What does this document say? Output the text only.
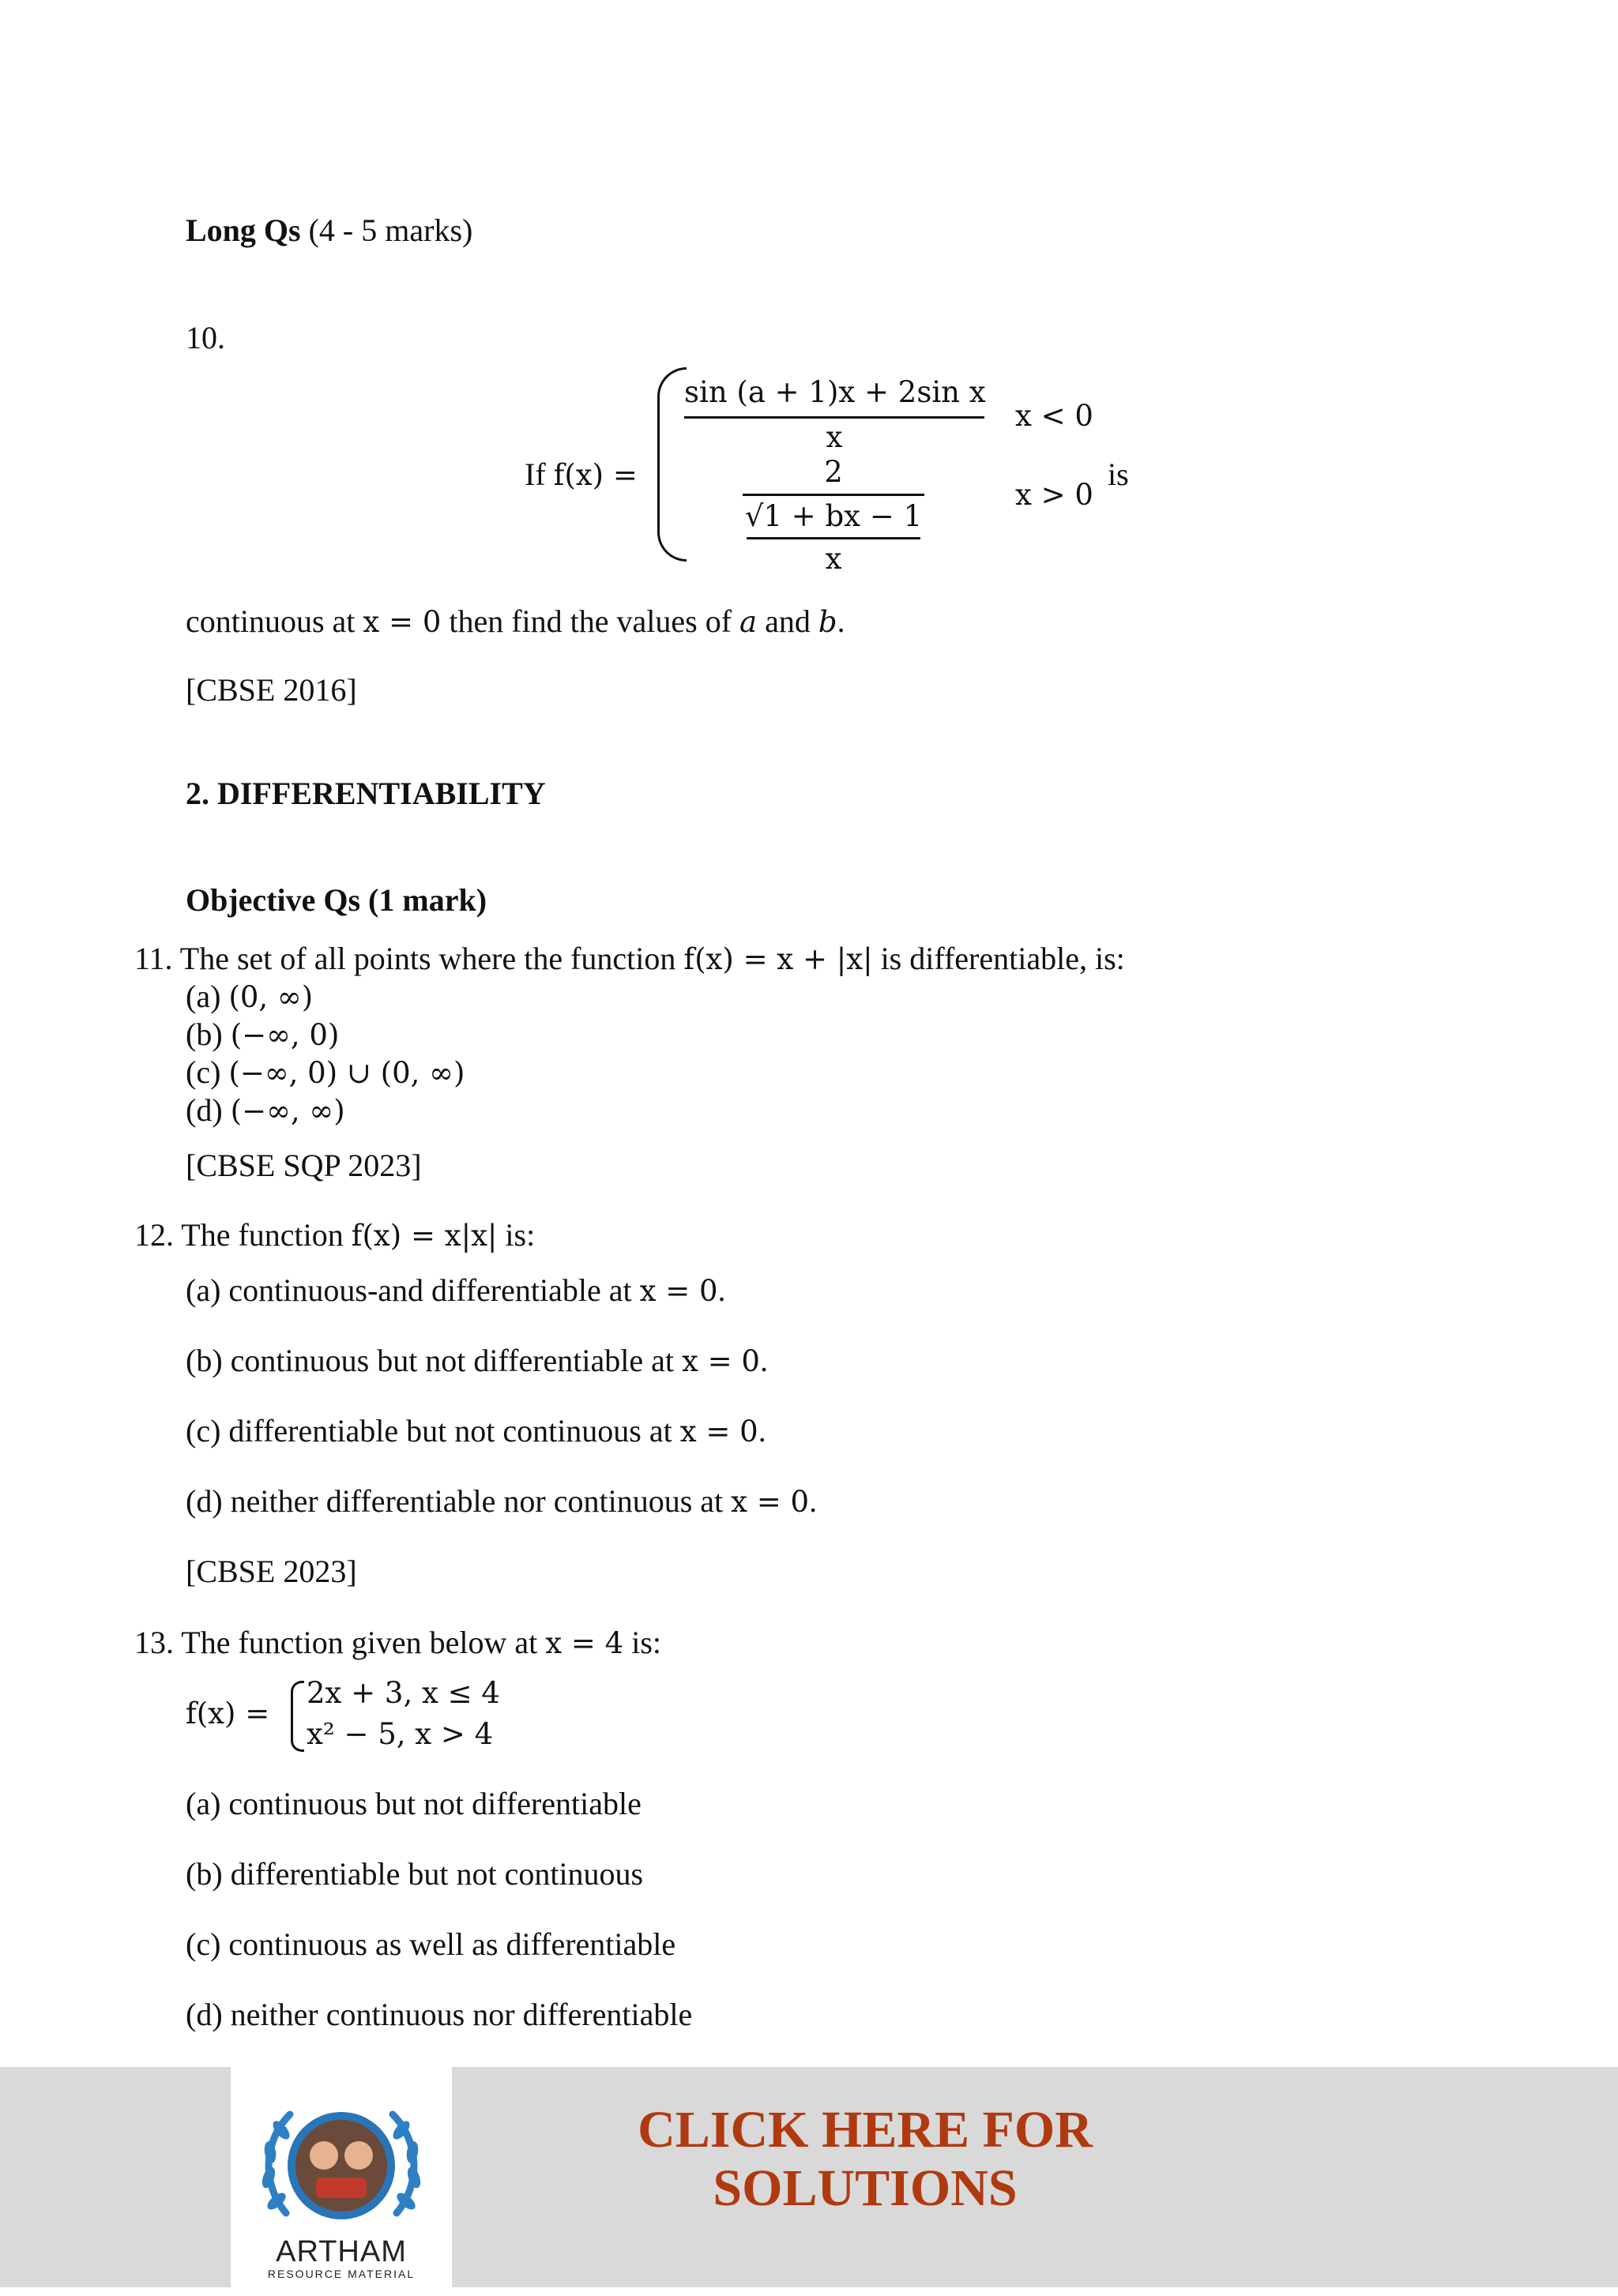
Long Qs (4 - 5 marks)
10.
If f(x) =
sin (a + 1)x + 2sin x
x
x < 0
2
√1 + bx − 1
x
x > 0
is
continuous at x = 0 then find the values of a and b.
[CBSE 2016]
2. DIFFERENTIABILITY
Objective Qs (1 mark)
11. The set of all points where the function f(x) = x + |x| is differentiable, is:
(a) (0, ∞)
(b) (−∞, 0)
(c) (−∞, 0) ∪ (0, ∞)
(d) (−∞, ∞)
[CBSE SQP 2023]
12. The function f(x) = x|x| is:
(a) continuous-and differentiable at x = 0.
(b) continuous but not differentiable at x = 0.
(c) differentiable but not continuous at x = 0.
(d) neither differentiable nor continuous at x = 0.
[CBSE 2023]
13. The function given below at x = 4 is:
f(x) =
2x + 3, x ≤ 4
x² − 5, x > 4
(a) continuous but not differentiable
(b) differentiable but not continuous
(c) continuous as well as differentiable
(d) neither continuous nor differentiable
ARTHAM
RESOURCE MATERIAL
CLICK HERE FOR
SOLUTIONS
